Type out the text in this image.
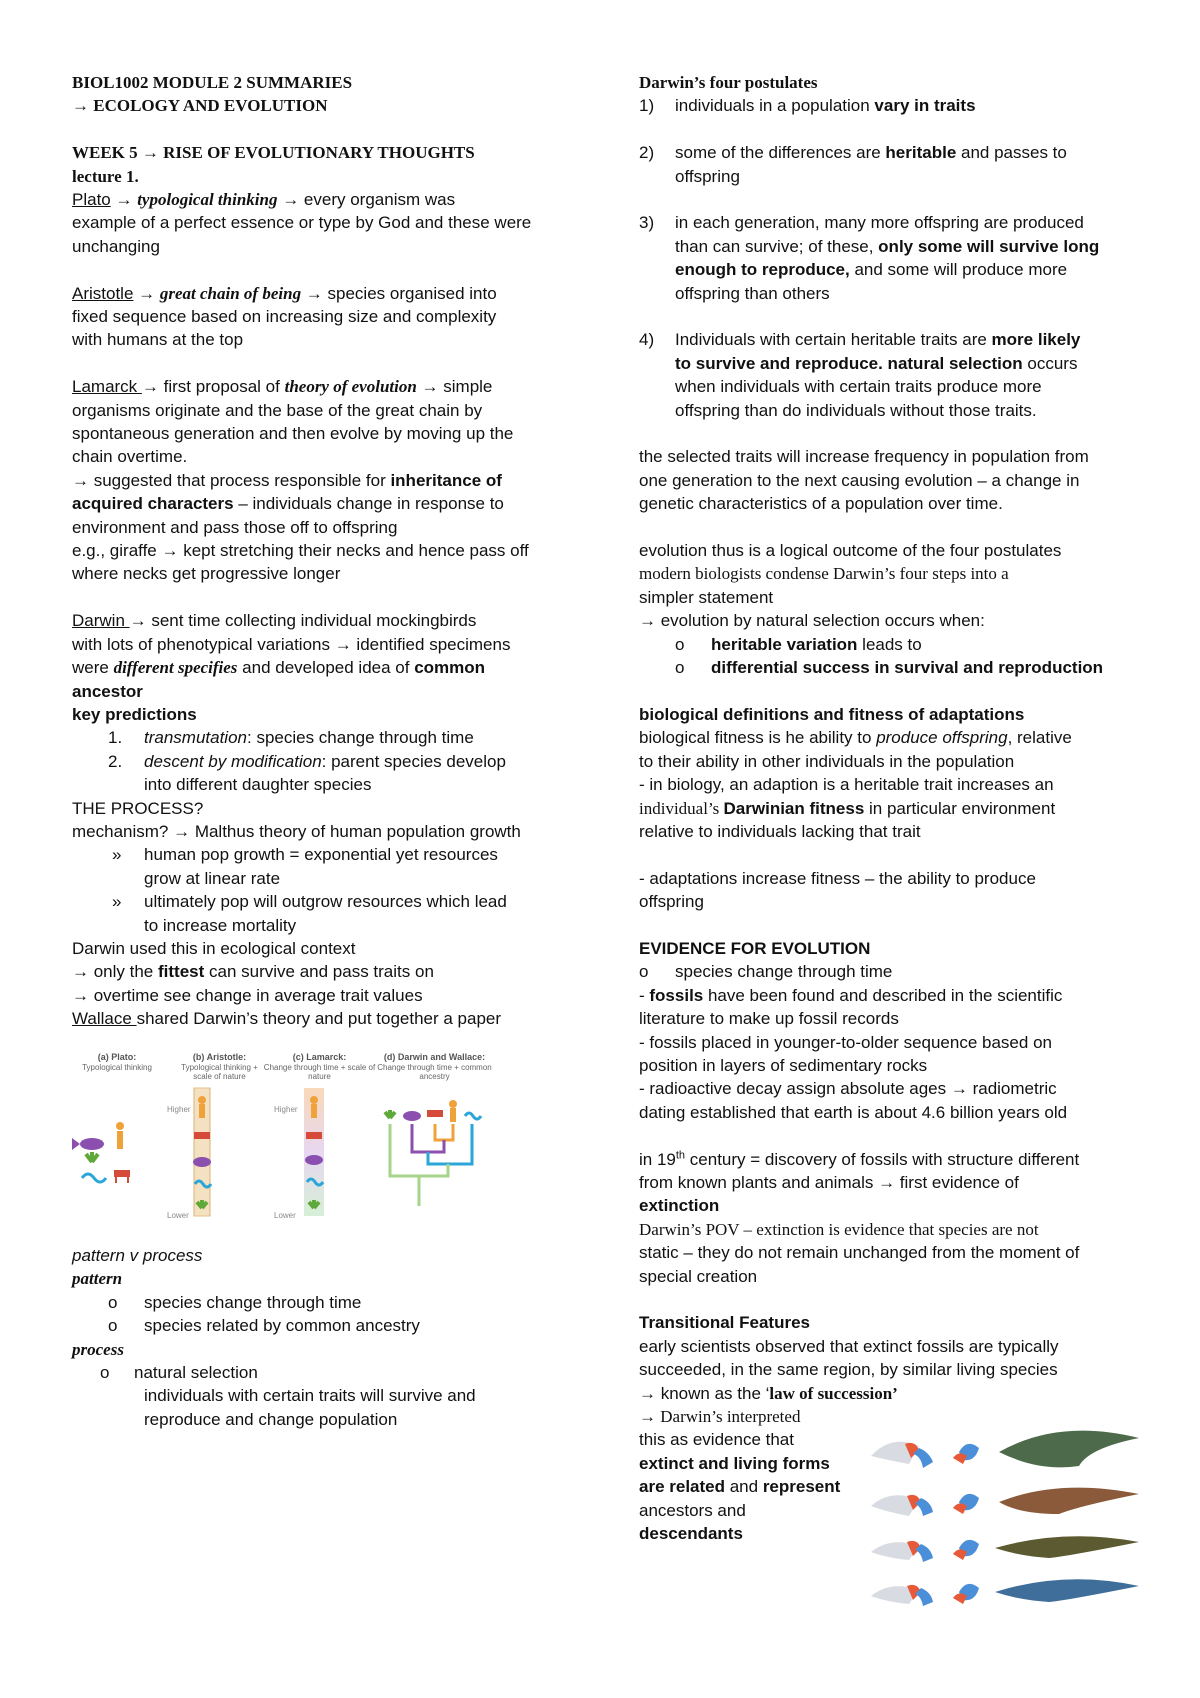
BIOL1002 MODULE 2 SUMMARIES
→ ECOLOGY AND EVOLUTION
WEEK 5 → RISE OF EVOLUTIONARY THOUGHTS
lecture 1.
Plato → typological thinking → every organism was
example of a perfect essence or type by God and these were
unchanging
Aristotle → great chain of being → species organised into
fixed sequence based on increasing size and complexity
with humans at the top
Lamarck → first proposal of theory of evolution → simple
organisms originate and the base of the great chain by
spontaneous generation and then evolve by moving up the
chain overtime.
→ suggested that process responsible for inheritance of
acquired characters – individuals change in response to
environment and pass those off to offspring
e.g., giraffe → kept stretching their necks and hence pass off
where necks get progressive longer
Darwin → sent time collecting individual mockingbirds
with lots of phenotypical variations → identified specimens
were different specifies and developed idea of common
ancestor
key predictions
1.	transmutation: species change through time
2.	descent by modification: parent species develop
into different daughter species
THE PROCESS?
mechanism? → Malthus theory of human population growth
»	human pop growth = exponential yet resources
grow at linear rate
»	ultimately pop will outgrow resources which lead
to increase mortality
Darwin used this in ecological context
→ only the fittest can survive and pass traits on
→ overtime see change in average trait values
Wallace shared Darwin’s theory and put together a paper
(a) Plato:
Typological thinking
(b) Aristotle:
Typological thinking + scale of nature
(c) Lamarck:
Change through time + scale of nature
(d) Darwin and Wallace:
Change through time + common ancestry
Higher
Lower
Higher
Lower
pattern v process
pattern
o	species change through time
o	species related by common ancestry
process
o	natural selection
individuals with certain traits will survive and
reproduce and change population
Darwin’s four postulates
1)	individuals in a population vary in traits
2)	some of the differences are heritable and passes to
offspring
3)	in each generation, many more offspring are produced
than can survive; of these, only some will survive long
enough to reproduce, and some will produce more
offspring than others
4)	Individuals with certain heritable traits are more likely
to survive and reproduce. natural selection occurs
when individuals with certain traits produce more
offspring than do individuals without those traits.
the selected traits will increase frequency in population from
one generation to the next causing evolution – a change in
genetic characteristics of a population over time.
evolution thus is a logical outcome of the four postulates
modern biologists condense Darwin’s four steps into a
simpler statement
→ evolution by natural selection occurs when:
o	heritable variation leads to
o	differential success in survival and reproduction
biological definitions and fitness of adaptations
biological fitness is he ability to produce offspring, relative
to their ability in other individuals in the population
- in biology, an adaption is a heritable trait increases an
individual’s Darwinian fitness in particular environment
relative to individuals lacking that trait
- adaptations increase fitness – the ability to produce
offspring
EVIDENCE FOR EVOLUTION
o	species change through time
- fossils have been found and described in the scientific
literature to make up fossil records
- fossils placed in younger-to-older sequence based on
position in layers of sedimentary rocks
- radioactive decay assign absolute ages → radiometric
dating established that earth is about 4.6 billion years old
in 19th century = discovery of fossils with structure different
from known plants and animals → first evidence of
extinction
Darwin’s POV – extinction is evidence that species are not
static – they do not remain unchanged from the moment of
special creation
Transitional Features
early scientists observed that extinct fossils are typically
succeeded, in the same region, by similar living species
→ known as the ‘law of succession’
→ Darwin’s interpreted
this as evidence that
extinct and living forms
are related and represent
ancestors and
descendants
